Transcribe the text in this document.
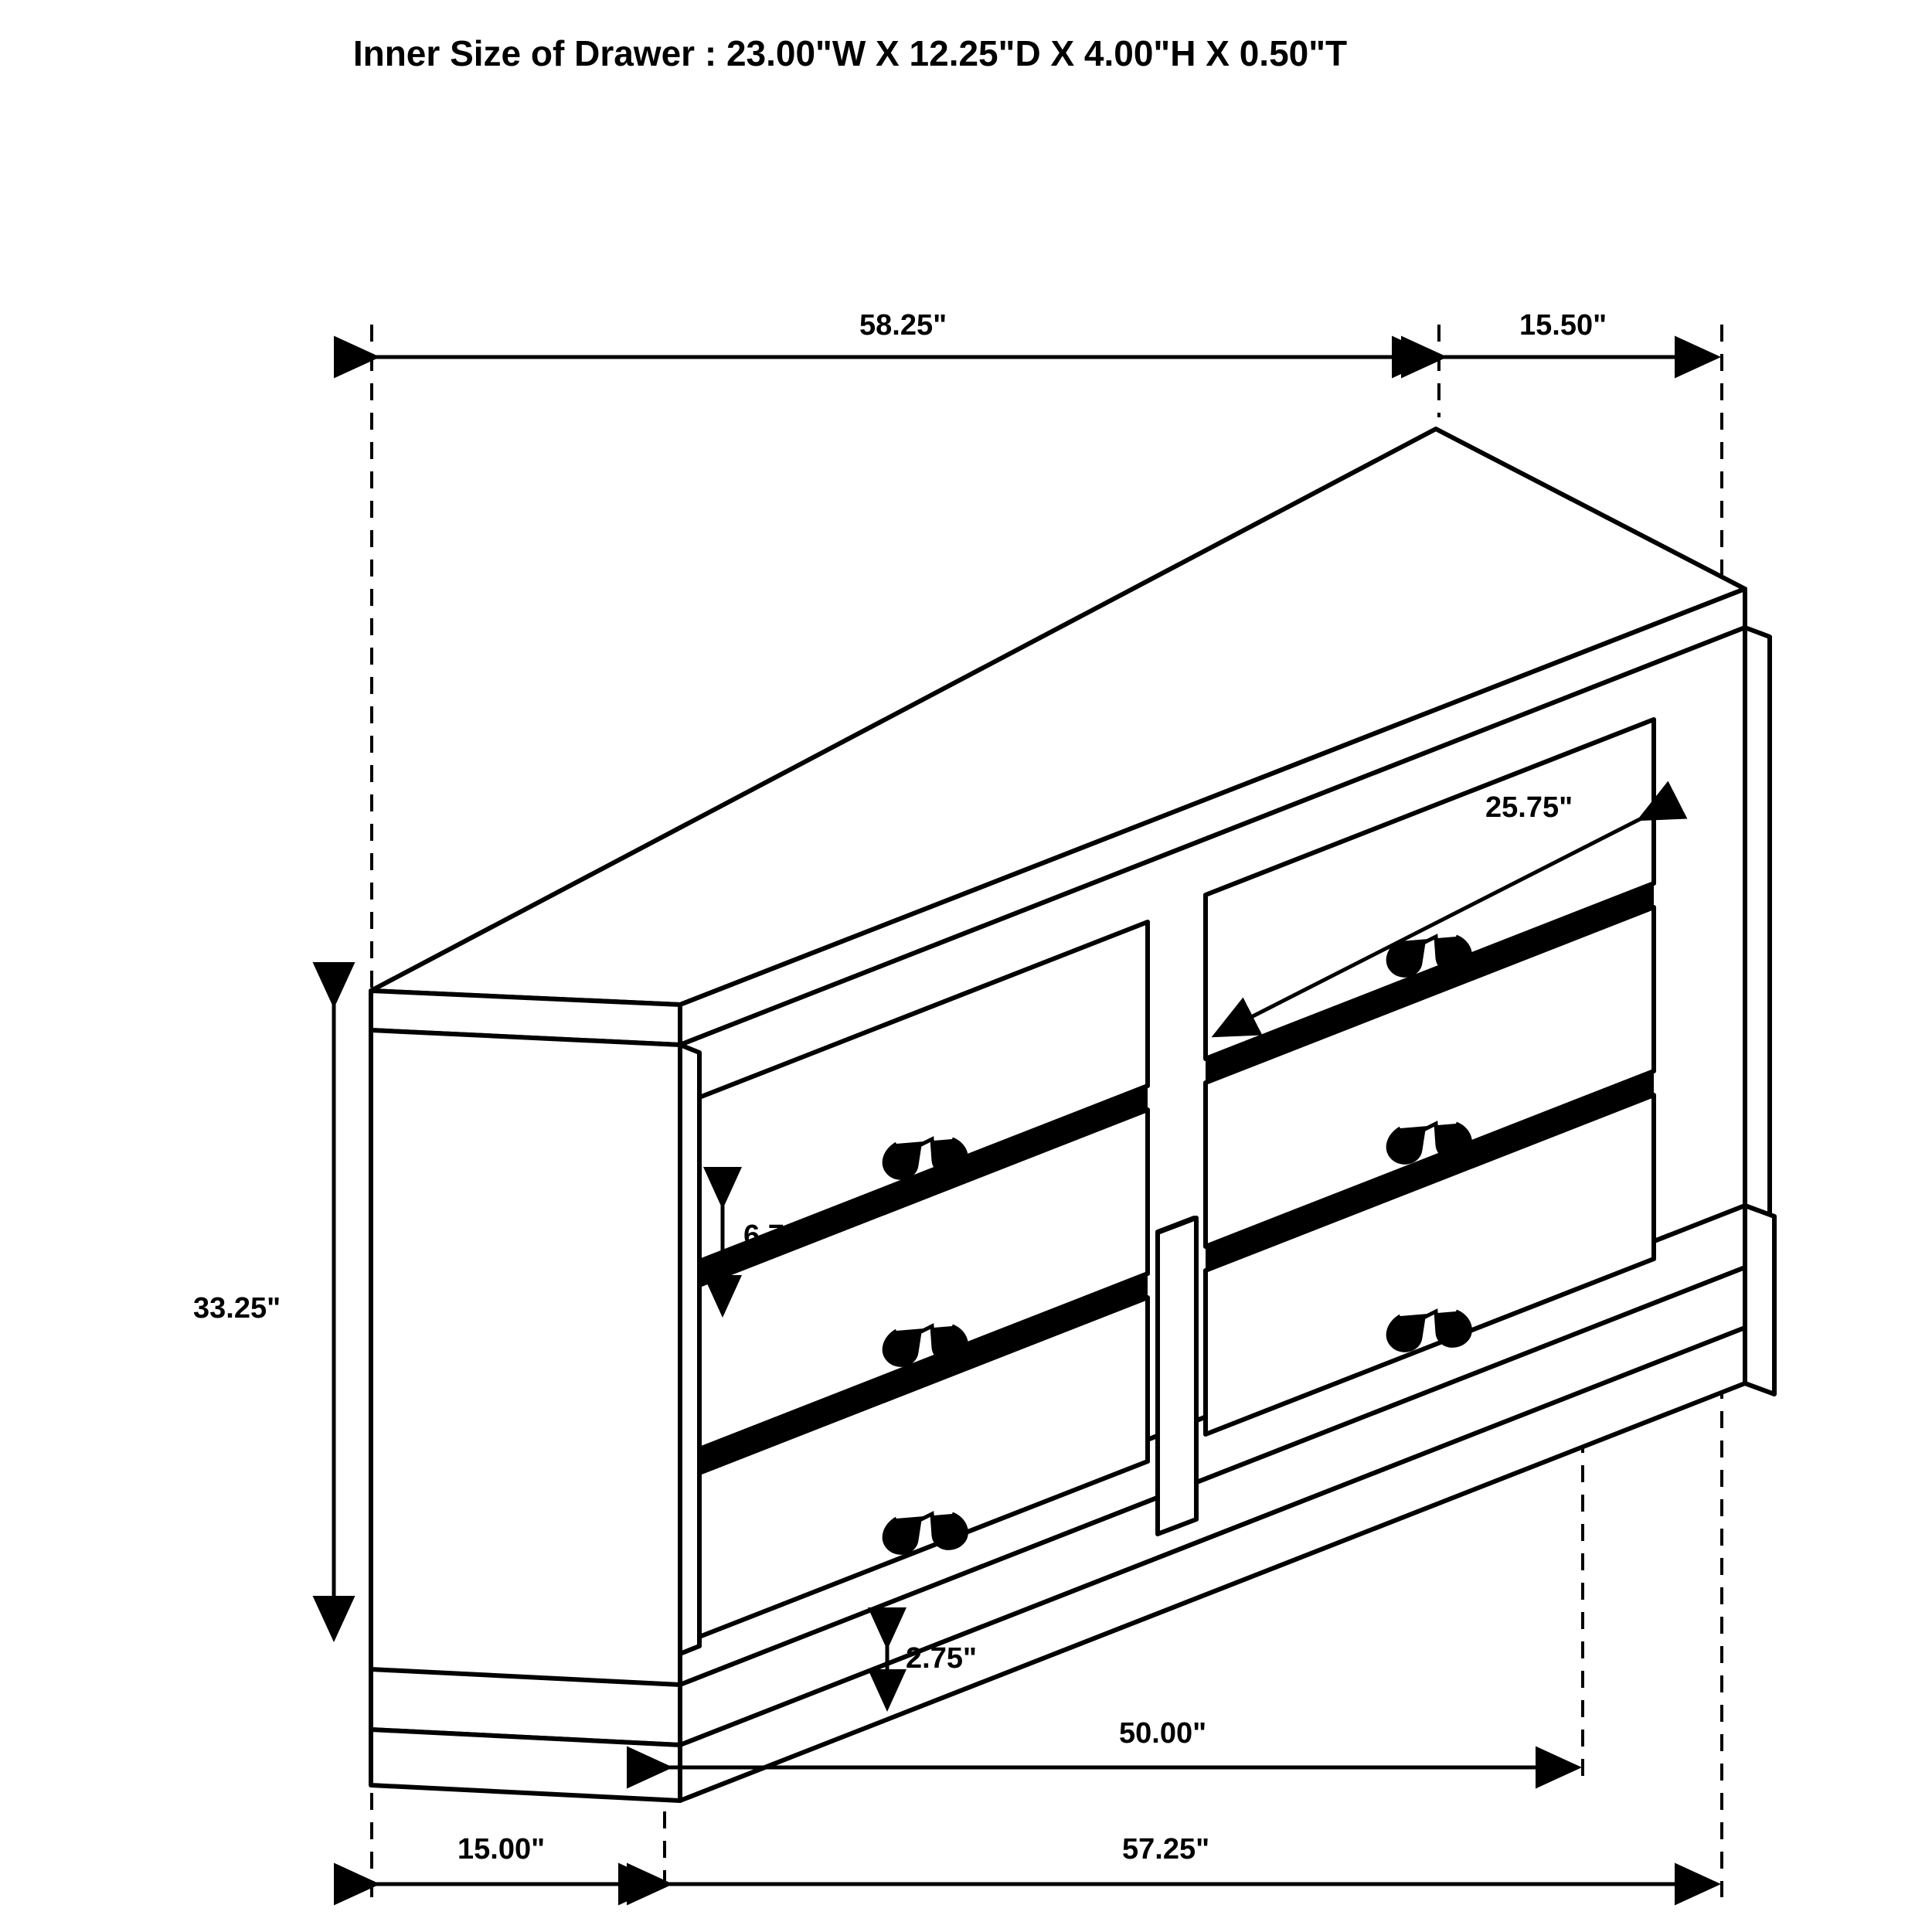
Inner Size of Drawer : 23.00"W X 12.25"D X 4.00"H X 0.50"T
58.25"	15.50"
25.75"
6.75"
33.25"
2.75"
50.00"
15.00"	57.25"
